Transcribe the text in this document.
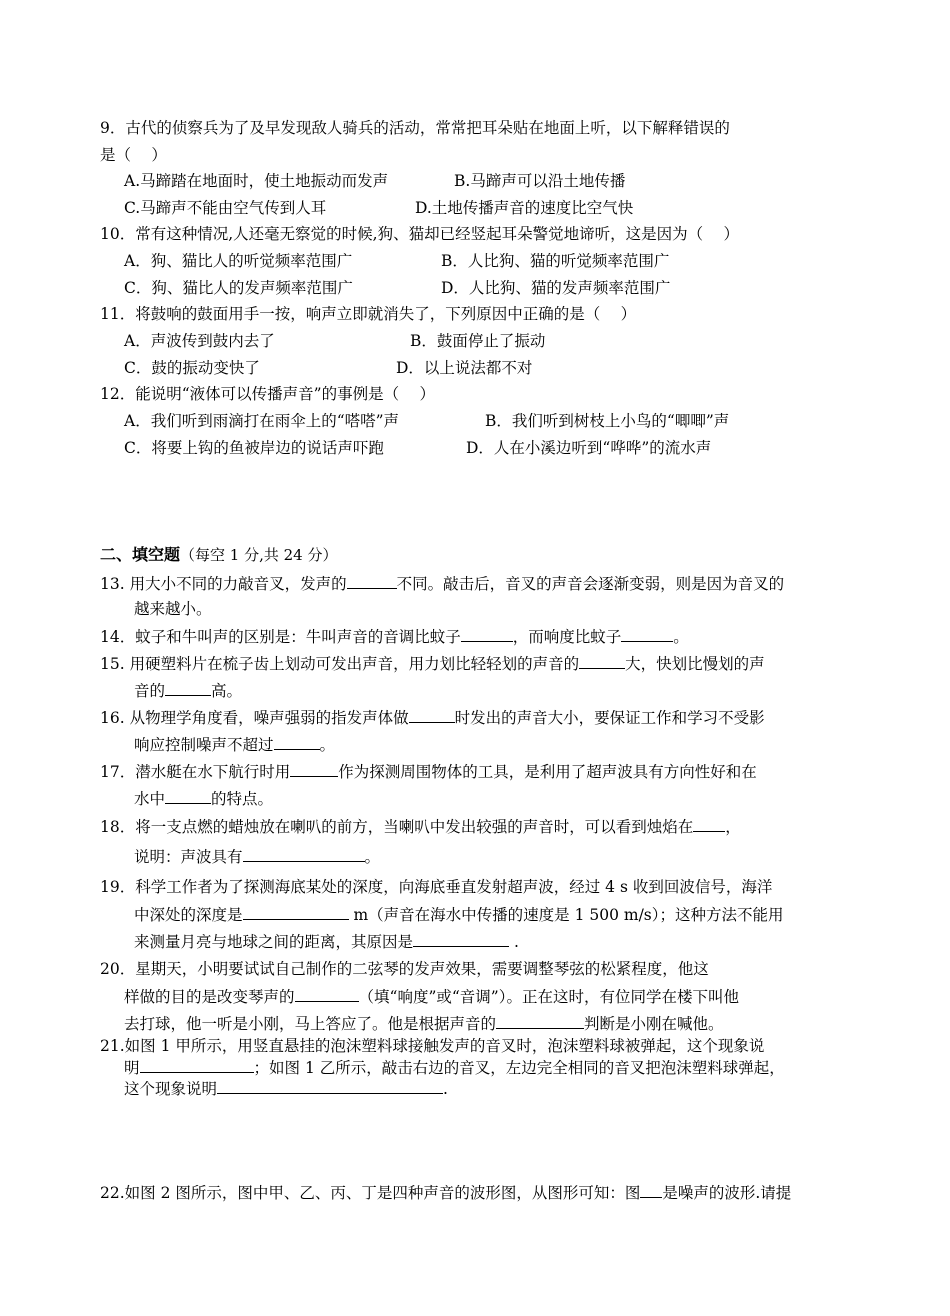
9．古代的侦察兵为了及早发现敌人骑兵的活动，常常把耳朵贴在地面上听，以下解释错误的
是（　 ）
A.马蹄踏在地面时，使土地振动而发声	B.马蹄声可以沿土地传播
C.马蹄声不能由空气传到人耳	D.土地传播声音的速度比空气快
10．常有这种情况,人还毫无察觉的时候,狗、猫却已经竖起耳朵警觉地谛听，这是因为（　 ）
A．狗、猫比人的听觉频率范围广	B．人比狗、猫的听觉频率范围广
C．狗、猫比人的发声频率范围广	D．人比狗、猫的发声频率范围广
11．将鼓响的鼓面用手一按，响声立即就消失了，下列原因中正确的是（　 ）
A．声波传到鼓内去了	B．鼓面停止了振动
C．鼓的振动变快了	D．以上说法都不对
12．能说明“液体可以传播声音”的事例是（　 ）
A．我们听到雨滴打在雨伞上的“嗒嗒”声	B．我们听到树枝上小鸟的“唧唧”声
C．将要上钩的鱼被岸边的说话声吓跑	D．人在小溪边听到“哗哗”的流水声
二、填空题（每空 1 分,共 24 分）
13. 用大小不同的力敲音叉，发声的	不同。敲击后，音叉的声音会逐渐变弱，则是因为音叉的
越来越小。
14．蚊子和牛叫声的区别是：牛叫声音的音调比蚊子	，而响度比蚊子	。
15. 用硬塑料片在梳子齿上划动可发出声音，用力划比轻轻划的声音的	大，快划比慢划的声
音的	高。
16. 从物理学角度看，噪声强弱的指发声体做	时发出的声音大小，要保证工作和学习不受影
响应控制噪声不超过	。
17．潜水艇在水下航行时用	作为探测周围物体的工具，是利用了超声波具有方向性好和在
水中	的特点。
18．将一支点燃的蜡烛放在喇叭的前方，当喇叭中发出较强的声音时，可以看到烛焰在 ，
说明：声波具有	。
19．科学工作者为了探测海底某处的深度，向海底垂直发射超声波，经过 4 s 收到回波信号，海洋
中深处的深度是	m（声音在海水中传播的速度是 1 500 m/s）；这种方法不能用
来测量月亮与地球之间的距离，其原因是	.
20．星期天，小明要试试自己制作的二弦琴的发声效果，需要调整琴弦的松紧程度，他这
样做的目的是改变琴声的	（填“响度”或“音调”）。正在这时，有位同学在楼下叫他
去打球，他一听是小刚，马上答应了。他是根据声音的	判断是小刚在喊他。
21.如图 1 甲所示，用竖直悬挂的泡沫塑料球接触发声的音叉时，泡沫塑料球被弹起，这个现象说
明	；如图 1 乙所示，敲击右边的音叉，左边完全相同的音叉把泡沫塑料球弹起，
这个现象说明	.
22.如图 2 图所示，图中甲、乙、丙、丁是四种声音的波形图，从图形可知：图 是噪声的波形.请提
